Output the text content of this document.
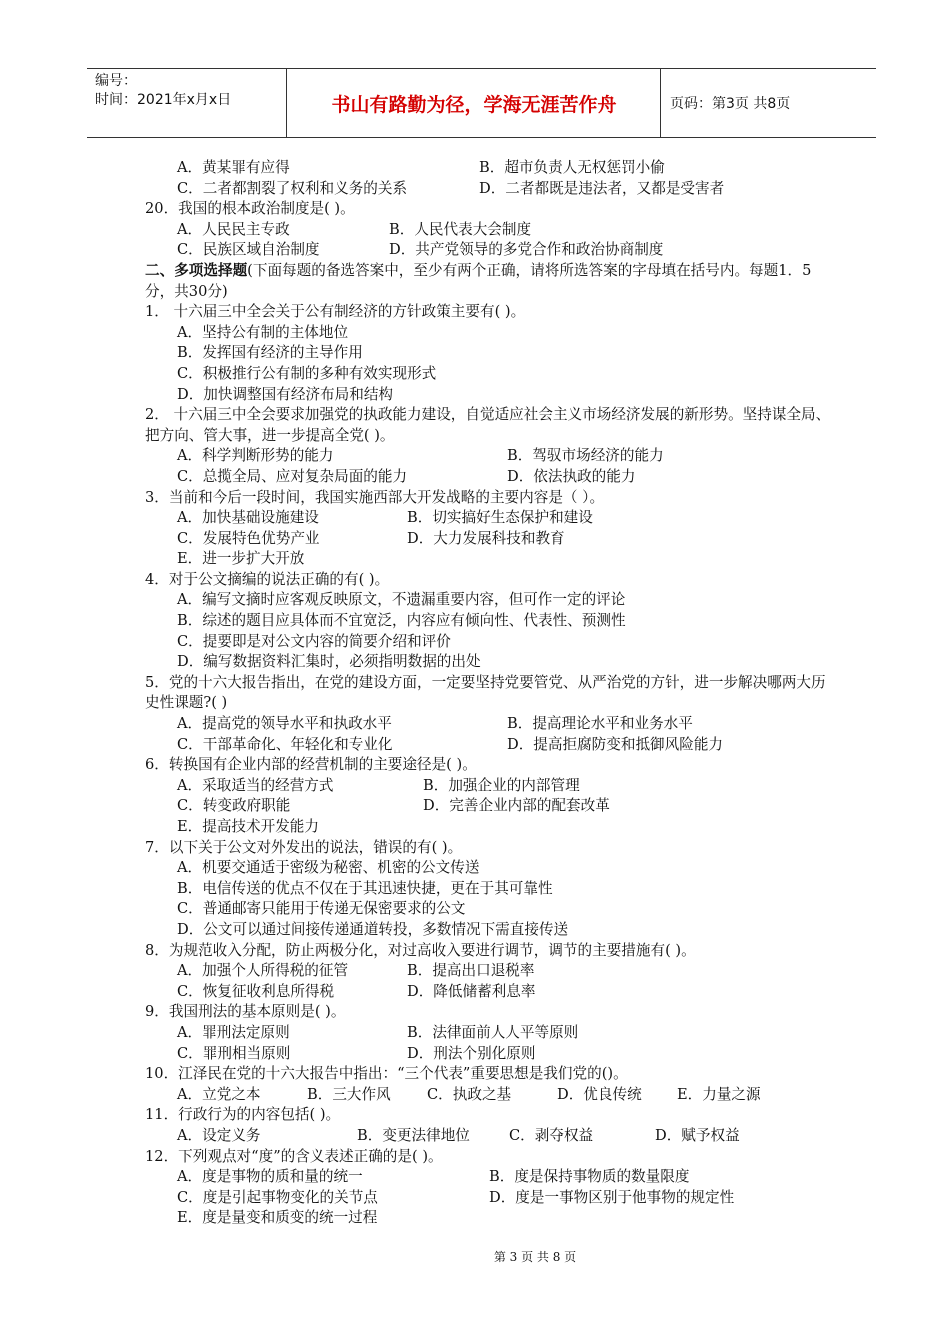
编号：
时间：2021年x月x日	书山有路勤为径，学海无涯苦作舟	页码：第3页 共8页
A．黄某罪有应得	B．超市负责人无权惩罚小偷
C．二者都割裂了权利和义务的关系	D．二者都既是违法者，又都是受害者
20．我国的根本政治制度是( )。
A．人民民主专政	B．人民代表大会制度
C．民族区域自治制度	D．共产党领导的多党合作和政治协商制度
二、多项选择题(下面每题的备选答案中，至少有两个正确，请将所选答案的字母填在括号内。每题1．5分，共30分)
1． 十六届三中全会关于公有制经济的方针政策主要有( )。
A．坚持公有制的主体地位
B．发挥国有经济的主导作用
C．积极推行公有制的多种有效实现形式
D．加快调整国有经济布局和结构
2． 十六届三中全会要求加强党的执政能力建设，自觉适应社会主义市场经济发展的新形势。坚持谋全局、把方向、管大事，进一步提高全党( )。
A．科学判断形势的能力	B．驾驭市场经济的能力
C．总揽全局、应对复杂局面的能力	D．依法执政的能力
3．当前和今后一段时间，我国实施西部大开发战略的主要内容是（ ）。
A．加快基础设施建设	B．切实搞好生态保护和建设
C．发展特色优势产业	D．大力发展科技和教育
E．进一步扩大开放
4．对于公文摘编的说法正确的有( )。
A．编写文摘时应客观反映原文，不遗漏重要内容，但可作一定的评论
B．综述的题目应具体而不宜宽泛，内容应有倾向性、代表性、预测性
C．提要即是对公文内容的简要介绍和评价
D．编写数据资料汇集时，必须指明数据的出处
5．党的十六大报告指出，在党的建设方面，一定要坚持党要管党、从严治党的方针，进一步解决哪两大历史性课题?( )
A．提高党的领导水平和执政水平	B．提高理论水平和业务水平
C．干部革命化、年轻化和专业化	D．提高拒腐防变和抵御风险能力
6．转换国有企业内部的经营机制的主要途径是( )。
A．采取适当的经营方式	B．加强企业的内部管理
C．转变政府职能	D．完善企业内部的配套改革
E．提高技术开发能力
7．以下关于公文对外发出的说法，错误的有( )。
A．机要交通适于密级为秘密、机密的公文传送
B．电信传送的优点不仅在于其迅速快捷，更在于其可靠性
C．普通邮寄只能用于传递无保密要求的公文
D．公文可以通过间接传递通道转投，多数情况下需直接传送
8．为规范收入分配，防止两极分化，对过高收入要进行调节，调节的主要措施有( )。
A．加强个人所得税的征管	B．提高出口退税率
C．恢复征收利息所得税	D．降低储蓄利息率
9．我国刑法的基本原则是( )。
A．罪刑法定原则	B．法律面前人人平等原则
C．罪刑相当原则	D．刑法个别化原则
10．江泽民在党的十六大报告中指出：“三个代表”重要思想是我们党的()。
A．立党之本	B．三大作风	C．执政之基	D．优良传统	E．力量之源
11．行政行为的内容包括( )。
A．设定义务	B．变更法律地位	C．剥夺权益	D．赋予权益
12．下列观点对“度”的含义表述正确的是( )。
A．度是事物的质和量的统一	B．度是保持事物质的数量限度
C．度是引起事物变化的关节点	D．度是一事物区别于他事物的规定性
E．度是量变和质变的统一过程
第 3 页 共 8 页
